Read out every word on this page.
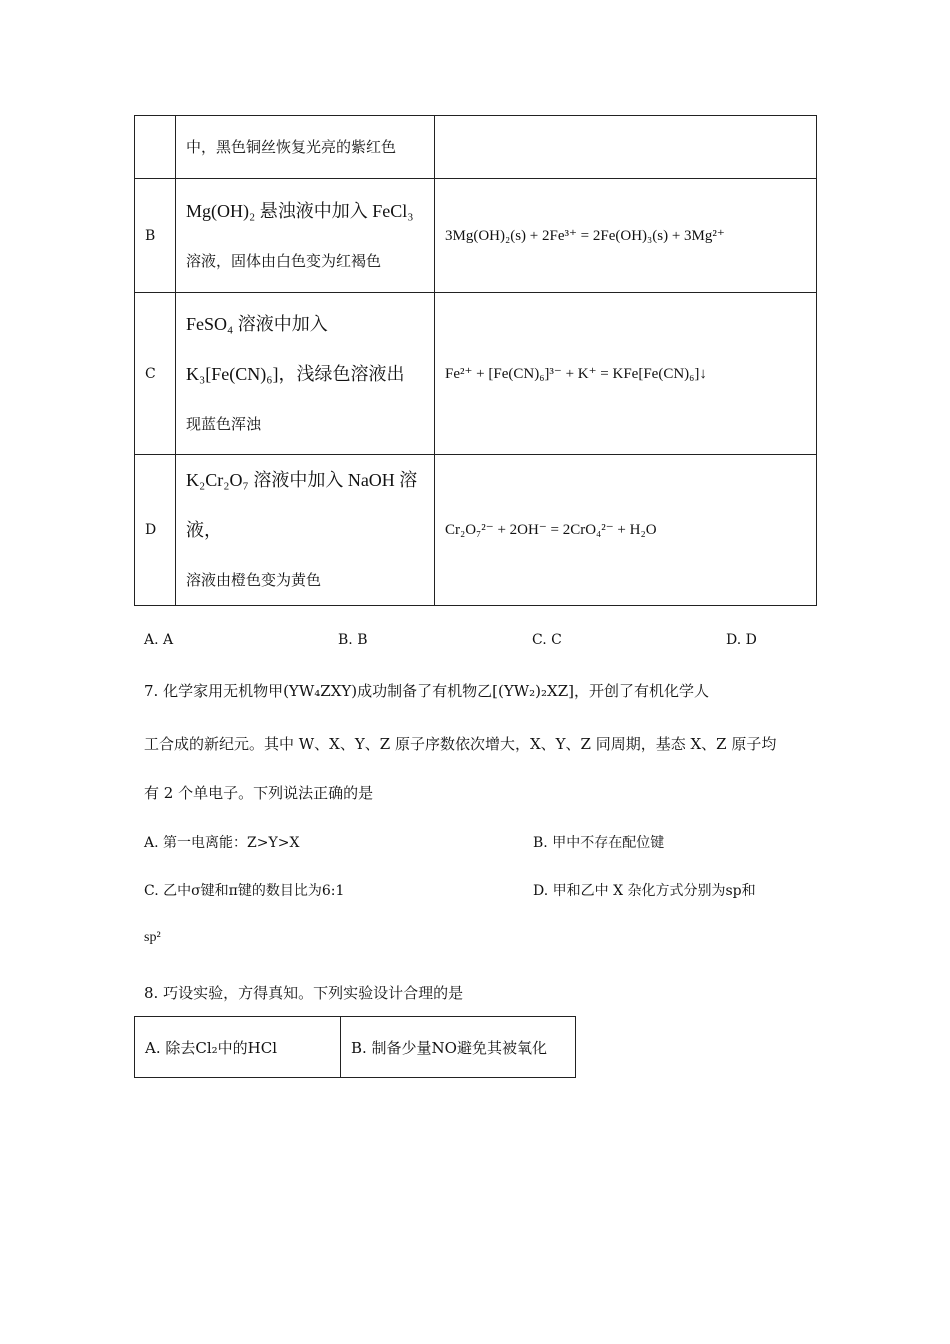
	中，黑色铜丝恢复光亮的紫红色	
B	Mg(OH)₂ 悬浊液中加入 FeCl₃
溶液，固体由白色变为红褐色	3Mg(OH)₂(s) + 2Fe³⁺ = 2Fe(OH)₃(s) + 3Mg²⁺
C	FeSO₄ 溶液中加入
K₃[Fe(CN)₆]，浅绿色溶液出
现蓝色浑浊	Fe²⁺ + [Fe(CN)₆]³⁻ + K⁺ = KFe[Fe(CN)₆]↓
D	K₂Cr₂O₇ 溶液中加入 NaOH 溶液，
溶液由橙色变为黄色	Cr₂O₇²⁻ + 2OH⁻ = 2CrO₄²⁻ + H₂O
A. A	B. B	C. C	D. D
7. 化学家用无机物甲(YW₄ZXY)成功制备了有机物乙[(YW₂)₂XZ]，开创了有机化学人
工合成的新纪元。其中 W、X、Y、Z 原子序数依次增大，X、Y、Z 同周期，基态 X、Z 原子均
有 2 个单电子。下列说法正确的是
A. 第一电离能：Z>Y>X	B. 甲中不存在配位键
C. 乙中σ键和π键的数目比为6:1	D. 甲和乙中 X 杂化方式分别为sp和
sp²
8. 巧设实验，方得真知。下列实验设计合理的是
A. 除去Cl₂中的HCl	B. 制备少量NO避免其被氧化
